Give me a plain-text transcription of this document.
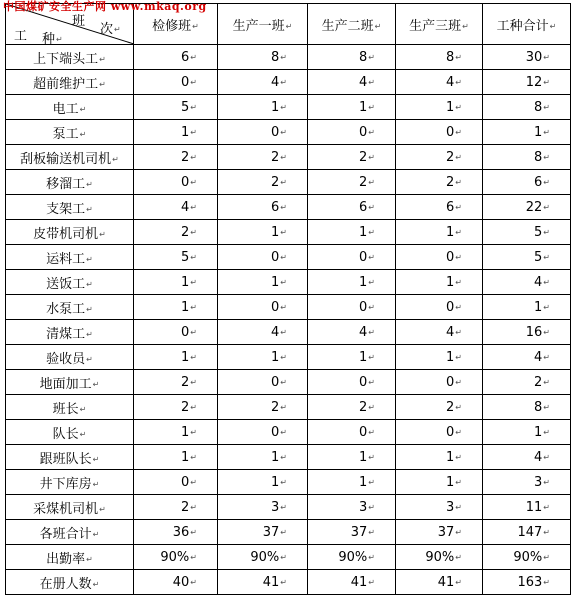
中国煤矿安全生产网 www.mkaq.org
班
次 ↵
工 种 ↵	检修班 ↵	生产一班 ↵	生产二班 ↵	生产三班 ↵	工种合计 ↵
上下端头工 ↵	6 ↵	8 ↵	8 ↵	8 ↵	30 ↵
超前维护工 ↵	0 ↵	4 ↵	4 ↵	4 ↵	12 ↵
电工 ↵	5 ↵	1 ↵	1 ↵	1 ↵	8 ↵
泵工 ↵	1 ↵	0 ↵	0 ↵	0 ↵	1 ↵
刮板输送机司机 ↵	2 ↵	2 ↵	2 ↵	2 ↵	8 ↵
移溜工 ↵	0 ↵	2 ↵	2 ↵	2 ↵	6 ↵
支架工 ↵	4 ↵	6 ↵	6 ↵	6 ↵	22 ↵
皮带机司机 ↵	2 ↵	1 ↵	1 ↵	1 ↵	5 ↵
运料工 ↵	5 ↵	0 ↵	0 ↵	0 ↵	5 ↵
送饭工 ↵	1 ↵	1 ↵	1 ↵	1 ↵	4 ↵
水泵工 ↵	1 ↵	0 ↵	0 ↵	0 ↵	1 ↵
清煤工 ↵	0 ↵	4 ↵	4 ↵	4 ↵	16 ↵
验收员 ↵	1 ↵	1 ↵	1 ↵	1 ↵	4 ↵
地面加工 ↵	2 ↵	0 ↵	0 ↵	0 ↵	2 ↵
班长 ↵	2 ↵	2 ↵	2 ↵	2 ↵	8 ↵
队长 ↵	1 ↵	0 ↵	0 ↵	0 ↵	1 ↵
跟班队长 ↵	1 ↵	1 ↵	1 ↵	1 ↵	4 ↵
井下库房 ↵	0 ↵	1 ↵	1 ↵	1 ↵	3 ↵
采煤机司机 ↵	2 ↵	3 ↵	3 ↵	3 ↵	11 ↵
各班合计 ↵	36 ↵	37 ↵	37 ↵	37 ↵	147 ↵
出勤率 ↵	90% ↵	90% ↵	90% ↵	90% ↵	90% ↵
在册人数 ↵	40 ↵	41 ↵	41 ↵	41 ↵	163 ↵
